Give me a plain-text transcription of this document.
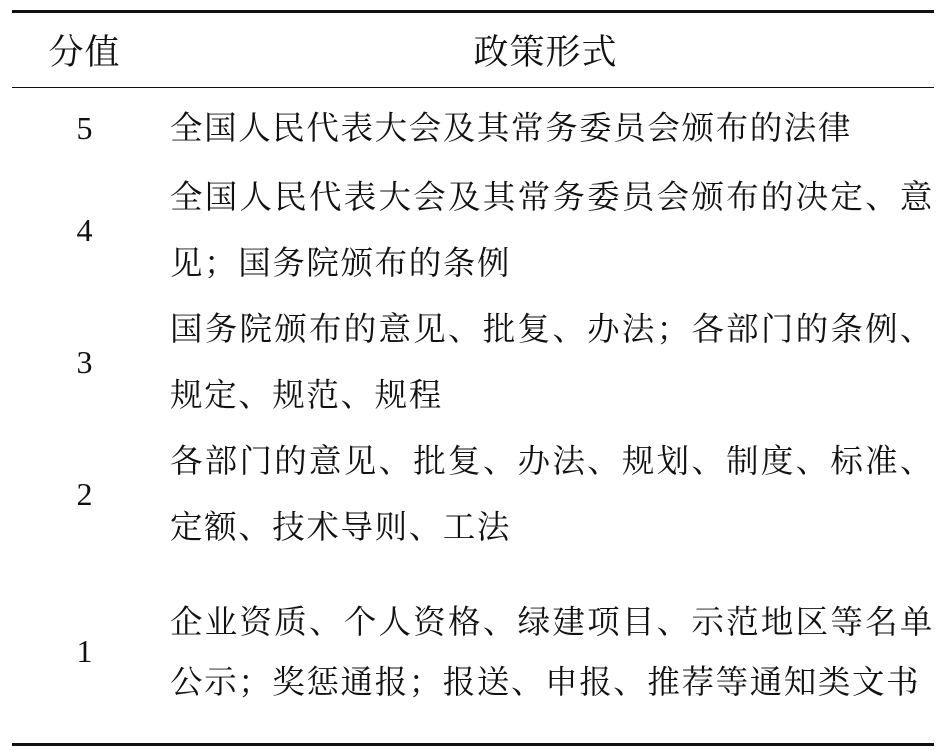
分值	政策形式
5	全国人民代表大会及其常务委员会颁布的法律
4
全国人民代表大会及其常务委员会颁布的决定、意见；国务院颁布的条例
3
国务院颁布的意见、批复、办法；各部门的条例、规定、规范、规程
2
各部门的意见、批复、办法、规划、制度、标准、定额、技术导则、工法
1
企业资质、个人资格、绿建项目、示范地区等名单公示；奖惩通报；报送、申报、推荐等通知类文书
